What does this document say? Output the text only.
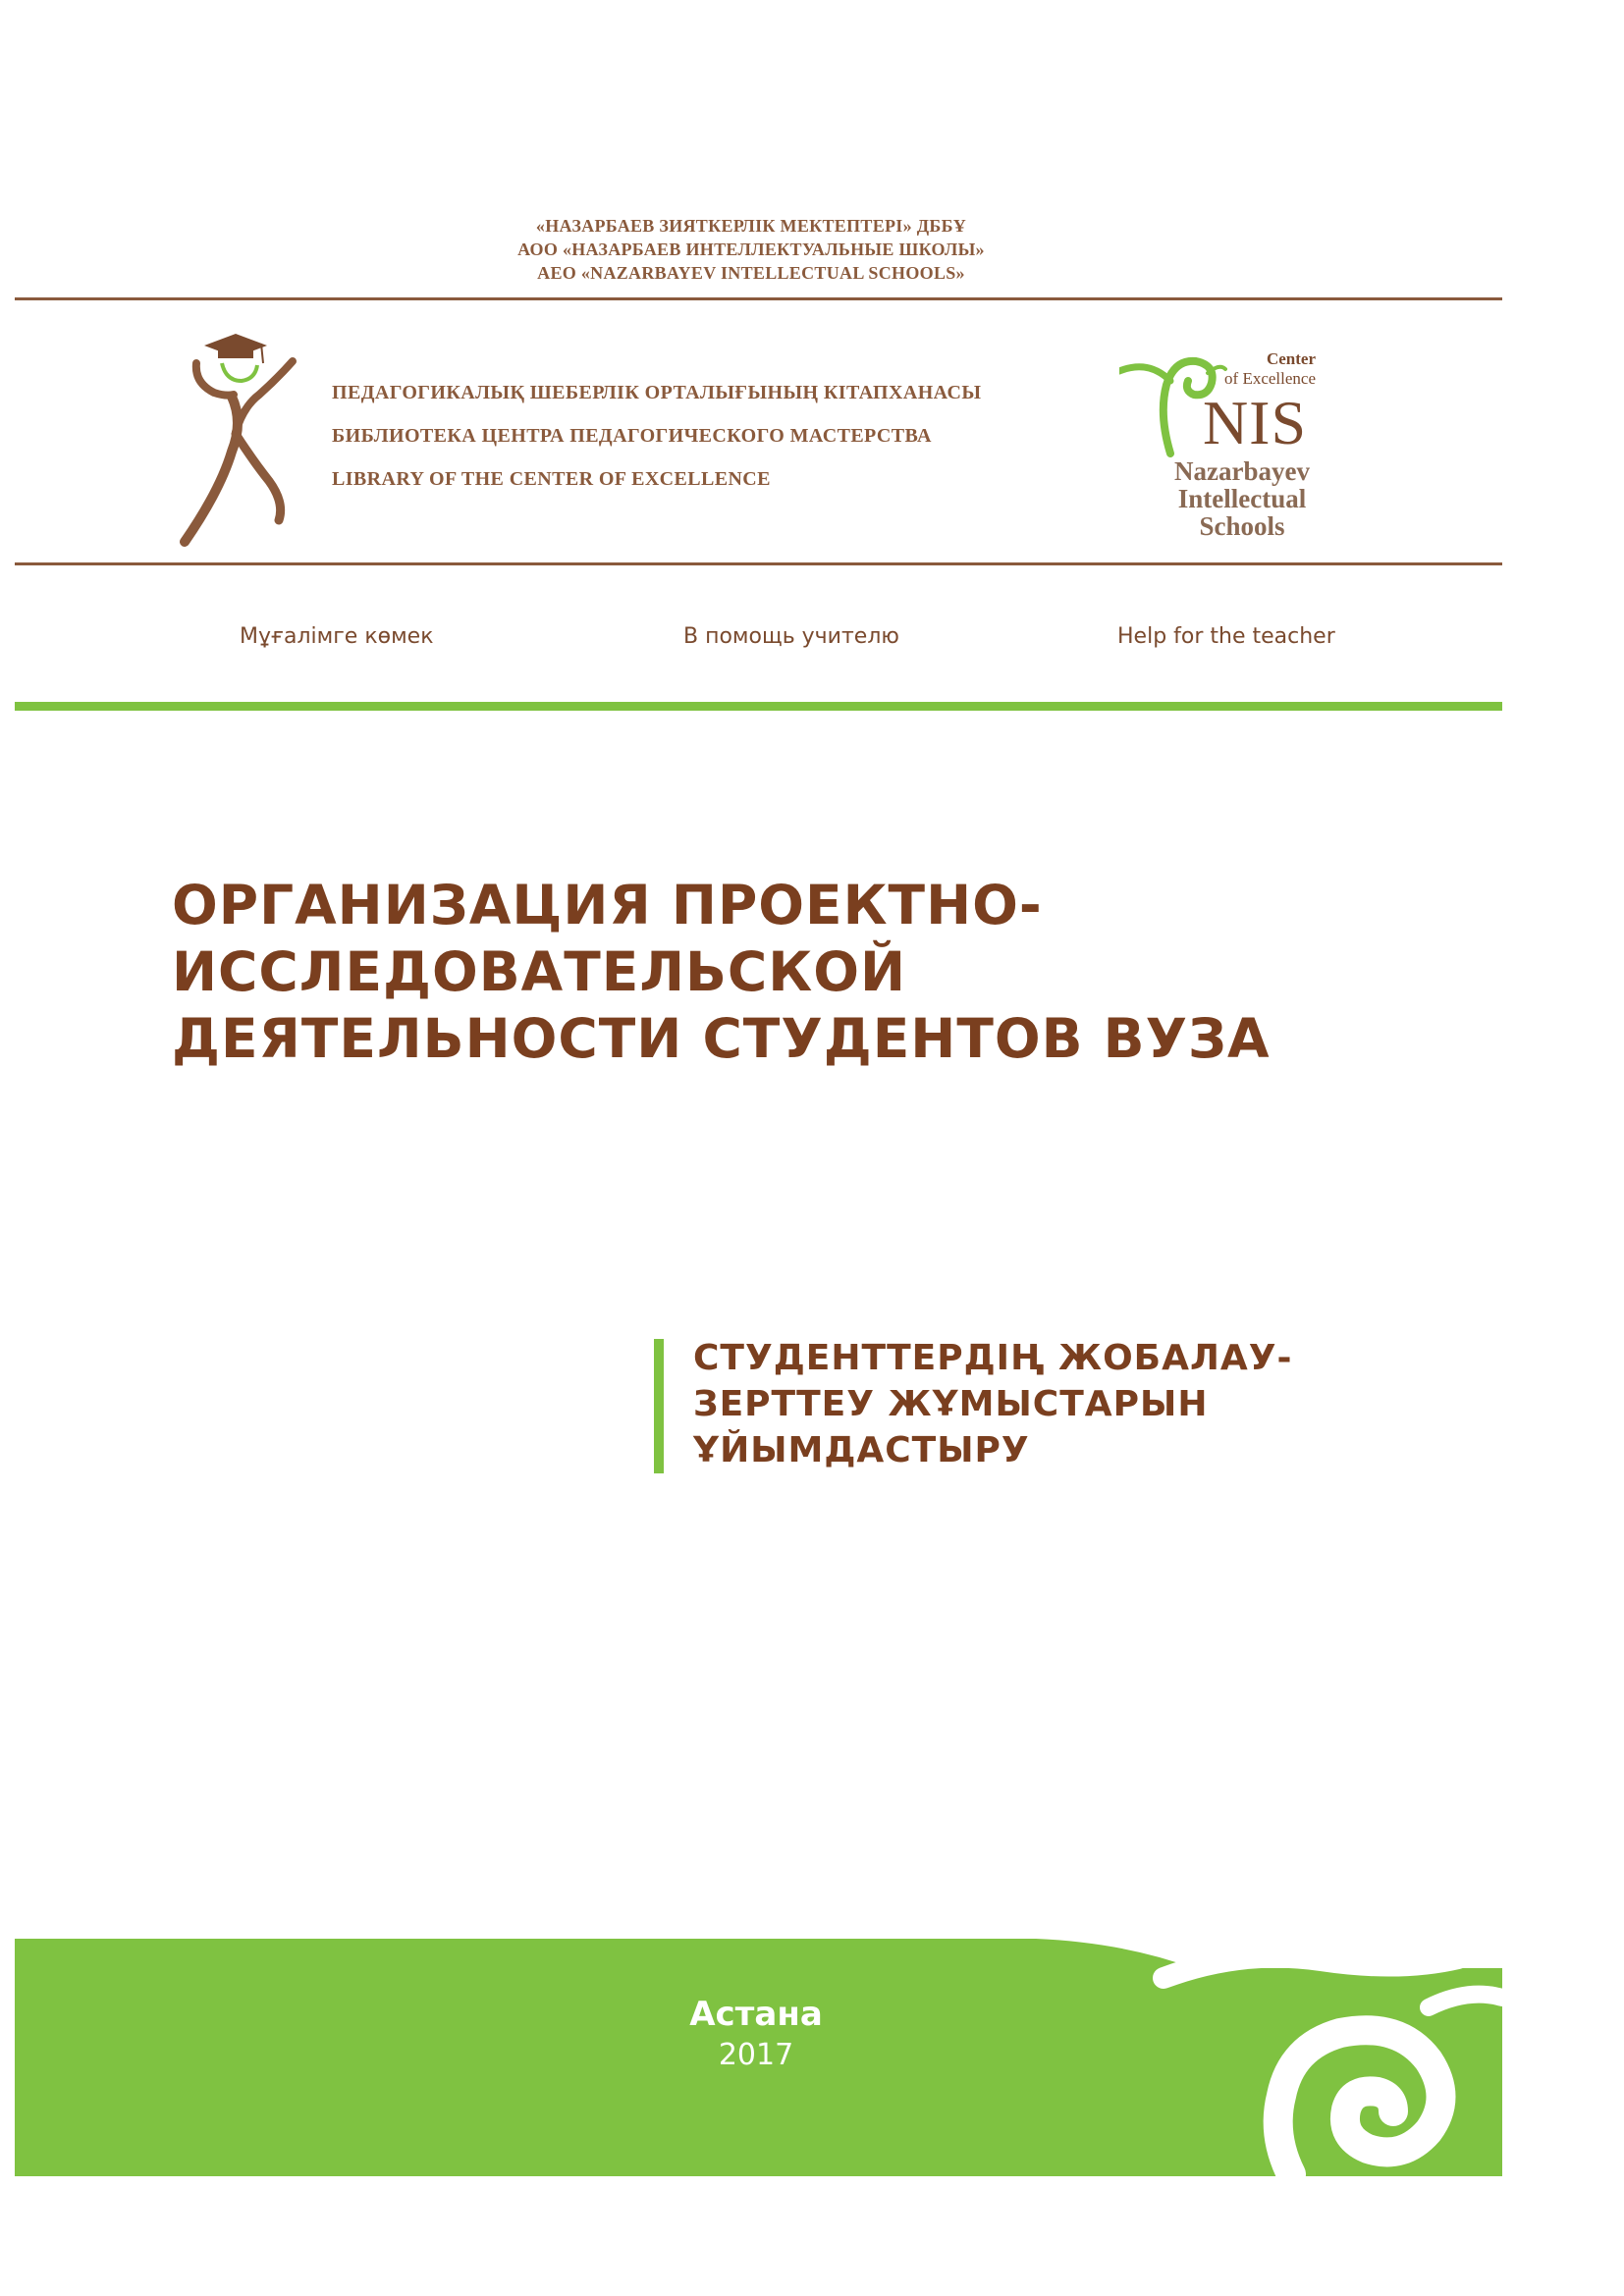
«НАЗАРБАЕВ ЗИЯТКЕРЛІК МЕКТЕПТЕРІ» ДББҰ
АОО «НАЗАРБАЕВ ИНТЕЛЛЕКТУАЛЬНЫЕ ШКОЛЫ»
AEO «NAZARBAYEV INTELLECTUAL SCHOOLS»
ПЕДАГОГИКАЛЫҚ ШЕБЕРЛІК ОРТАЛЫҒЫНЫҢ КІТАПХАНАСЫ
БИБЛИОТЕКА ЦЕНТРА ПЕДАГОГИЧЕСКОГО МАСТЕРСТВА
LIBRARY OF THE CENTER OF EXCELLENCE
Center
of Excellence
NIS
Nazarbayev
Intellectual
Schools
Мұғалімге көмек	В помощь учителю	Help for the teacher
ОРГАНИЗАЦИЯ ПРОЕКТНО-
ИССЛЕДОВАТЕЛЬСКОЙ
ДЕЯТЕЛЬНОСТИ СТУДЕНТОВ ВУЗА
СТУДЕНТТЕРДІҢ ЖОБАЛАУ-
ЗЕРТТЕУ ЖҰМЫСТАРЫН
ҰЙЫМДАСТЫРУ
Астана
2017
